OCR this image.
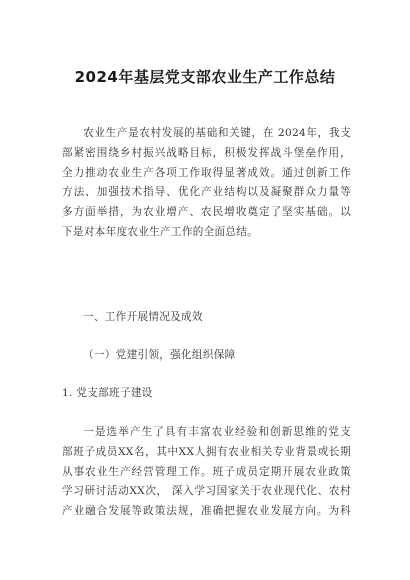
2024年基层党支部农业生产工作总结
农业生产是农村发展的基础和关键，在 2024年，我支
部紧密围绕乡村振兴战略目标，积极发挥战斗堡垒作用，
全力推动农业生产各项工作取得显著成效。通过创新工作
方法、加强技术指导、优化产业结构以及凝聚群众力量等
多方面举措，为农业增产、农民增收奠定了坚实基础。以
下是对本年度农业生产工作的全面总结。
一、工作开展情况及成效
（一）党建引领，强化组织保障
1. 党支部班子建设
一是选举产生了具有丰富农业经验和创新思维的党支
部班子成员XX名，其中XX人拥有农业相关专业背景或长期
从事农业生产经营管理工作。班子成员定期开展农业政策
学习研讨活动XX次， 深入学习国家关于农业现代化、农村
产业融合发展等政策法规，准确把握农业发展方向。为科
